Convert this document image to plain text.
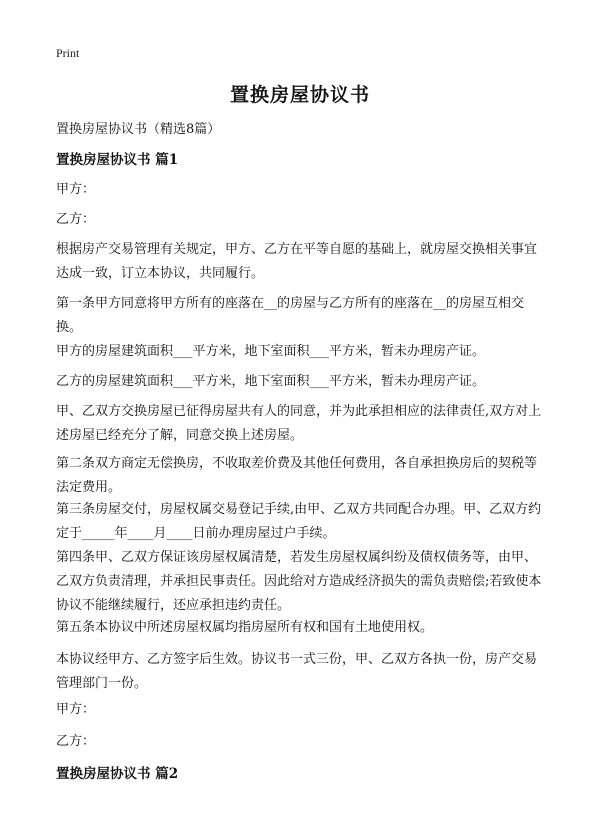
Print
置换房屋协议书

置换房屋协议书（精选8篇）

置换房屋协议书 篇1

甲方：

乙方：

根据房产交易管理有关规定，甲方、乙方在平等自愿的基础上，就房屋交换相关事宜达成一致，订立本协议，共同履行。

第一条甲方同意将甲方所有的座落在__的房屋与乙方所有的座落在__的房屋互相交换。

甲方的房屋建筑面积___平方米，地下室面积___平方米，暂未办理房产证。

乙方的房屋建筑面积___平方米，地下室面积___平方米，暂未办理房产证。

甲、乙双方交换房屋已征得房屋共有人的同意，并为此承担相应的法律责任,双方对上述房屋已经充分了解，同意交换上述房屋。

第二条双方商定无偿换房，不收取差价费及其他任何费用，各自承担换房后的契税等法定费用。

第三条房屋交付，房屋权属交易登记手续,由甲、乙双方共同配合办理。甲、乙双方约定于_____年____月____日前办理房屋过户手续。

第四条甲、乙双方保证该房屋权属清楚，若发生房屋权属纠纷及债权债务等，由甲、乙双方负责清理，并承担民事责任。因此给对方造成经济损失的需负责赔偿;若致使本协议不能继续履行，还应承担违约责任。

第五条本协议中所述房屋权属均指房屋所有权和国有土地使用权。

本协议经甲方、乙方签字后生效。协议书一式三份，甲、乙双方各执一份，房产交易管理部门一份。

甲方：

乙方：

置换房屋协议书 篇2
